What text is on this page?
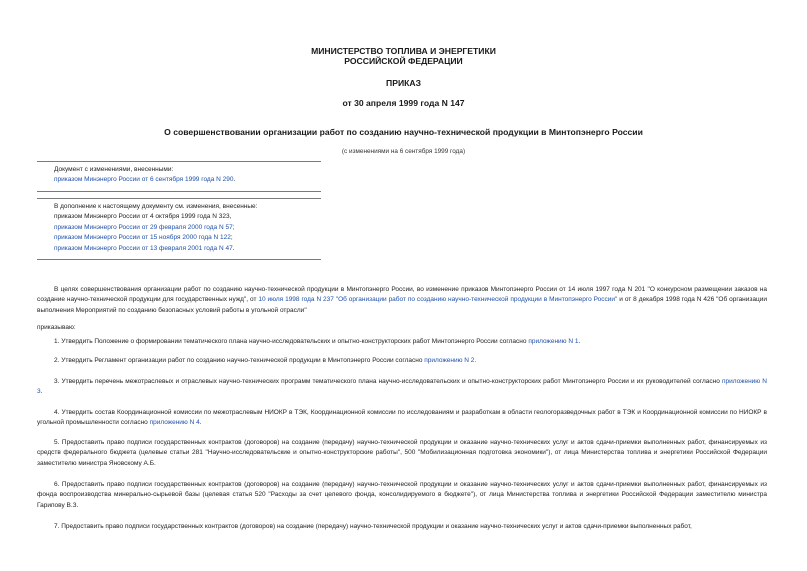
МИНИСТЕРСТВО ТОПЛИВА И ЭНЕРГЕТИКИ
РОССИЙСКОЙ ФЕДЕРАЦИИ
ПРИКАЗ
от 30 апреля 1999 года N 147
О совершенствовании организации работ по созданию научно-технической продукции в Минтопэнерго России
(с изменениями на 6 сентября 1999 года)
Документ с изменениями, внесенными:
приказом Минэнерго России от 6 сентября 1999 года N 290.
В дополнение к настоящему документу см. изменения, внесенные:
приказом Минэнерго России от 4 октября 1999 года N 323,
приказом Минэнерго России от 29 февраля 2000 года N 57;
приказом Минэнерго России от 15 ноября 2000 года N 122;
приказом Минэнерго России от 13 февраля 2001 года N 47.
В целях совершенствования организации работ по созданию научно-технической продукции в Минтопэнерго России, во изменение приказов Минтопэнерго России от 14 июля 1997 года N 201 "О конкурсном размещении заказов на создание научно-технической продукции для государственных нужд", от 10 июля 1998 года N 237 "Об организации работ по созданию научно-технической продукции в Минтопэнерго России" и от 8 декабря 1998 года N 426 "Об организации выполнения Мероприятий по созданию безопасных условий работы в угольной отрасли"
приказываю:
1. Утвердить Положение о формировании тематического плана научно-исследовательских и опытно-конструкторских работ Минтопэнерго России согласно приложению N 1.
2. Утвердить Регламент организации работ по созданию научно-технической продукции в Минтопэнерго России согласно приложению N 2.
3. Утвердить перечень межотраслевых и отраслевых научно-технических программ тематического плана научно-исследовательских и опытно-конструкторских работ Минтопэнерго России и их руководителей согласно приложению N 3.
4. Утвердить состав Координационной комиссии по межотраслевым НИОКР в ТЭК, Координационной комиссии по исследованиям и разработкам в области геологоразведочных работ в ТЭК и Координационной комиссии по НИОКР в угольной промышленности согласно приложению N 4.
5. Предоставить право подписи государственных контрактов (договоров) на создание (передачу) научно-технической продукции и оказание научно-технических услуг и актов сдачи-приемки выполненных работ, финансируемых из средств федерального бюджета (целевые статьи 281 "Научно-исследовательские и опытно-конструкторские работы", 500 "Мобилизационная подготовка экономики"), от лица Министерства топлива и энергетики Российской Федерации заместителю министра Яновскому А.Б.
6. Предоставить право подписи государственных контрактов (договоров) на создание (передачу) научно-технической продукции и оказание научно-технических услуг и актов сдачи-приемки выполненных работ, финансируемых из фонда воспроизводства минерально-сырьевой базы (целевая статья 520 "Расходы за счет целевого фонда, консолидируемого в бюджете"), от лица Министерства топлива и энергетики Российской Федерации заместителю министра Гарипову В.З.
7. Предоставить право подписи государственных контрактов (договоров) на создание (передачу) научно-технической продукции и оказание научно-технических услуг и актов сдачи-приемки выполненных работ,
